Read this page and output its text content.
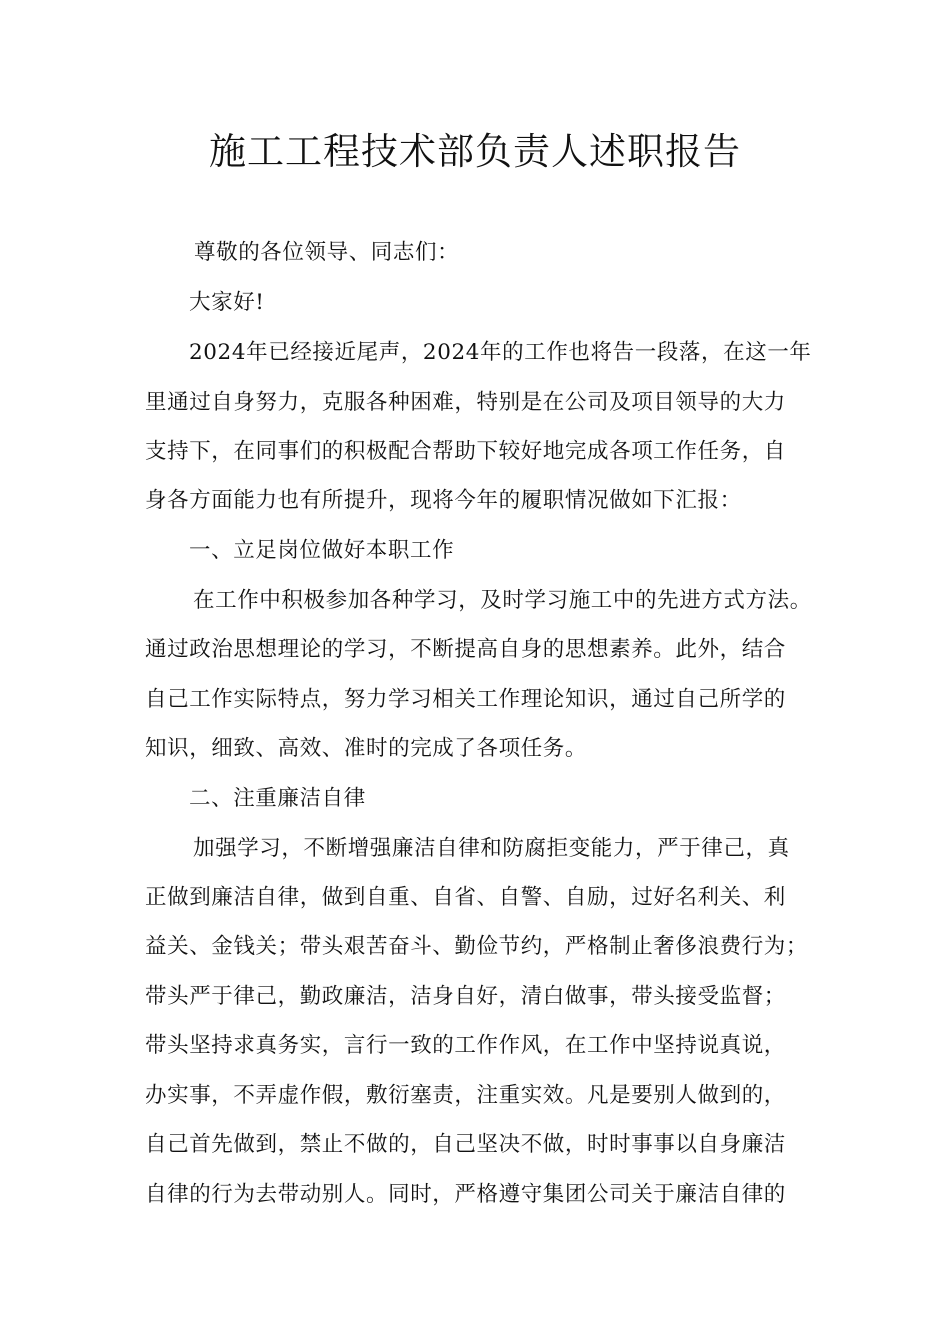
施工工程技术部负责人述职报告
尊敬的各位领导、同志们：
大家好!
2024年已经接近尾声，2024年的工作也将告一段落，在这一年
里通过自身努力，克服各种困难，特别是在公司及项目领导的大力
支持下，在同事们的积极配合帮助下较好地完成各项工作任务，自
身各方面能力也有所提升，现将今年的履职情况做如下汇报：
一、立足岗位做好本职工作
在工作中积极参加各种学习，及时学习施工中的先进方式方法。
通过政治思想理论的学习，不断提高自身的思想素养。此外，结合
自己工作实际特点，努力学习相关工作理论知识，通过自己所学的
知识，细致、高效、准时的完成了各项任务。
二、注重廉洁自律
加强学习，不断增强廉洁自律和防腐拒变能力，严于律己，真
正做到廉洁自律，做到自重、自省、自警、自励，过好名利关、利
益关、金钱关；带头艰苦奋斗、勤俭节约，严格制止奢侈浪费行为；
带头严于律己，勤政廉洁，洁身自好，清白做事，带头接受监督；
带头坚持求真务实，言行一致的工作作风，在工作中坚持说真说，
办实事，不弄虚作假，敷衍塞责，注重实效。凡是要别人做到的，
自己首先做到，禁止不做的，自己坚决不做，时时事事以自身廉洁
自律的行为去带动别人。同时，严格遵守集团公司关于廉洁自律的
